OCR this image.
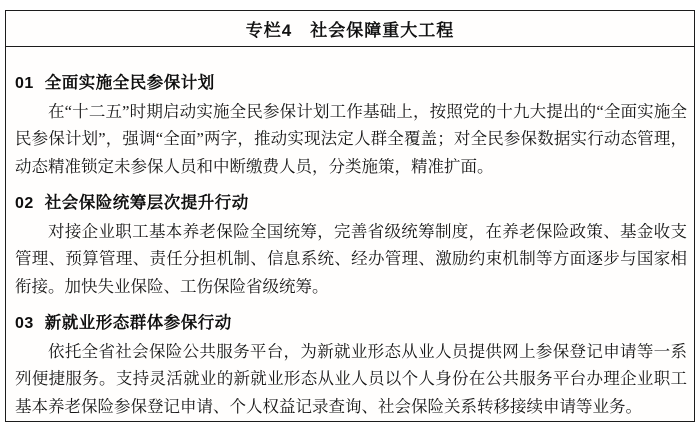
专栏4　社会保障重大工程
01 全面实施全民参保计划

在“十二五”时期启动实施全民参保计划工作基础上，按照党的十九大提出的“全面实施全民参保计划”，强调“全面”两字，推动实现法定人群全覆盖；对全民参保数据实行动态管理，动态精准锁定未参保人员和中断缴费人员，分类施策，精准扩面。

02 社会保险统筹层次提升行动

对接企业职工基本养老保险全国统筹，完善省级统筹制度，在养老保险政策、基金收支管理、预算管理、责任分担机制、信息系统、经办管理、激励约束机制等方面逐步与国家相衔接。加快失业保险、工伤保险省级统筹。

03 新就业形态群体参保行动

依托全省社会保险公共服务平台，为新就业形态从业人员提供网上参保登记申请等一系列便捷服务。支持灵活就业的新就业形态从业人员以个人身份在公共服务平台办理企业职工基本养老保险参保登记申请、个人权益记录查询、社会保险关系转移接续申请等业务。
